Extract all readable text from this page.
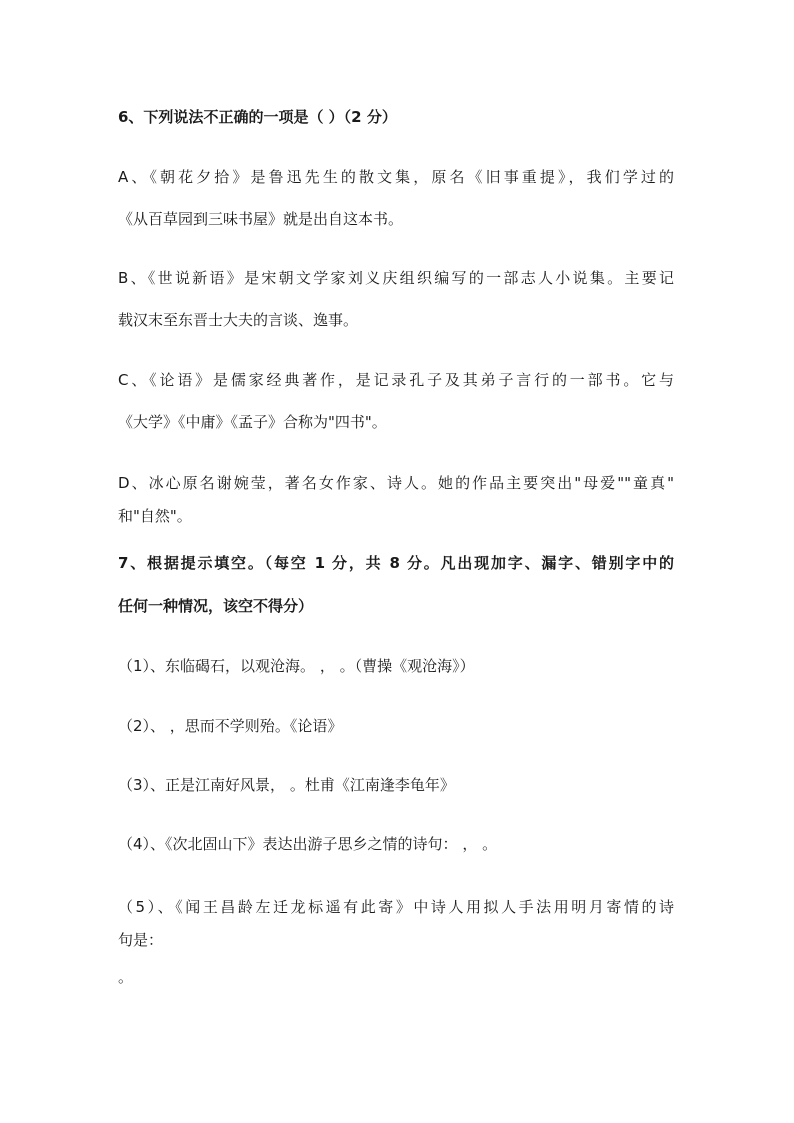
6、下列说法不正确的一项是（ ）（2 分）
A、《朝花夕拾》是鲁迅先生的散文集，原名《旧事重提》，我们学过的
《从百草园到三味书屋》就是出自这本书。
B、《世说新语》是宋朝文学家刘义庆组织编写的一部志人小说集。主要记
载汉末至东晋士大夫的言谈、逸事。
C、《论语》是儒家经典著作，是记录孔子及其弟子言行的一部书。它与
《大学》《中庸》《孟子》合称为"四书"。
D、冰心原名谢婉莹，著名女作家、诗人。她的作品主要突出"母爱""童真"
和"自然"。
7、根据提示填空。（每空 1 分，共 8 分。凡出现加字、漏字、错别字中的
任何一种情况，该空不得分）
（1）、东临碣石，以观沧海。 ， 。（曹操《观沧海》）
（2）、 ，思而不学则殆。《论语》
（3）、正是江南好风景， 。杜甫《江南逢李龟年》
（4）、《次北固山下》表达出游子思乡之情的诗句： ， 。
（5）、《闻王昌龄左迁龙标遥有此寄》中诗人用拟人手法用明月寄情的诗
句是：
。
